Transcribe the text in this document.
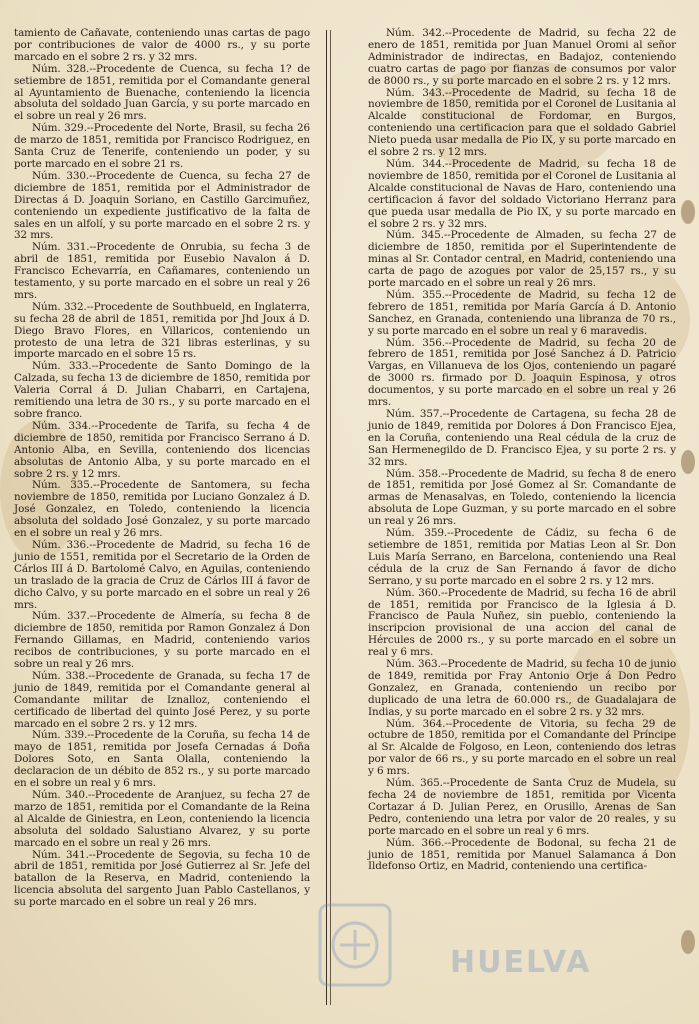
tamiento de Cañavate, conteniendo unas cartas de pago por contribuciones de valor de 4000 rs., y su porte marcado en el sobre 2 rs. y 32 mrs.

Núm. 328.--Procedente de Cuenca, su fecha 1? de setiembre de 1851, remitida por el Comandante general al Ayuntamiento de Buenache, conteniendo la licencia absoluta del soldado Juan García, y su porte marcado en el sobre un real y 26 mrs.

Núm. 329.--Procedente del Norte, Brasil, su fecha 26 de marzo de 1851, remitida por Francisco Rodriguez, en Santa Cruz de Tenerife, conteniendo un poder, y su porte marcado en el sobre 21 rs.

Núm. 330.--Procedente de Cuenca, su fecha 27 de diciembre de 1851, remitida por el Administrador de Directas á D. Joaquin Soriano, en Castillo Garcimuñez, conteniendo un expediente justificativo de la falta de sales en un alfolí, y su porte marcado en el sobre 2 rs. y 32 mrs.

Núm. 331.--Procedente de Onrubia, su fecha 3 de abril de 1851, remitida por Eusebio Navalon á D. Francisco Echevarría, en Cañamares, conteniendo un testamento, y su porte marcado en el sobre un real y 26 mrs.

Núm. 332.--Procedente de Southbueld, en Inglaterra, su fecha 28 de abril de 1851, remitida por Jhd Joux á D. Diego Bravo Flores, en Villaricos, conteniendo un protesto de una letra de 321 libras esterlinas, y su importe marcado en el sobre 15 rs.

Núm. 333.--Procedente de Santo Domingo de la Calzada, su fecha 13 de diciembre de 1850, remitida por Valeria Corral á D. Julian Chabarri, en Cartajena, remitiendo una letra de 30 rs., y su porte marcado en el sobre franco.

Núm. 334.--Procedente de Tarifa, su fecha 4 de diciembre de 1850, remitida por Francisco Serrano á D. Antonio Alba, en Sevilla, conteniendo dos licencias absolutas de Antonio Alba, y su porte marcado en el sobre 2 rs. y 12 mrs.

Núm. 335.--Procedente de Santomera, su fecha noviembre de 1850, remitida por Luciano Gonzalez á D. José Gonzalez, en Toledo, conteniendo la licencia absoluta del soldado José Gonzalez, y su porte marcado en el sobre un real y 26 mrs.

Núm. 336.--Procedente de Madrid, su fecha 16 de junio de 1551, remitida por el Secretario de la Orden de Cárlos III á D. Bartolomé Calvo, en Aguilas, conteniendo un traslado de la gracia de Cruz de Cárlos III á favor de dicho Calvo, y su porte marcado en el sobre un real y 26 mrs.

Núm. 337.--Procedente de Almería, su fecha 8 de diciembre de 1850, remitida por Ramon Gonzalez á Don Fernando Gillamas, en Madrid, conteniendo varios recibos de contribuciones, y su porte marcado en el sobre un real y 26 mrs.

Núm. 338.--Procedente de Granada, su fecha 17 de junio de 1849, remitida por el Comandante general al Comandante militar de Iznalloz, conteniendo el certificado de libertad del quinto José Perez, y su porte marcado en el sobre 2 rs. y 12 mrs.

Núm. 339.--Procedente de la Coruña, su fecha 14 de mayo de 1851, remitida por Josefa Cernadas á Doña Dolores Soto, en Santa Olalla, conteniendo la declaracion de un débito de 852 rs., y su porte marcado en el sobre un real y 6 mrs.

Núm. 340.--Procedente de Aranjuez, su fecha 27 de marzo de 1851, remitida por el Comandante de la Reina al Alcalde de Giniestra, en Leon, conteniendo la licencia absoluta del soldado Salustiano Alvarez, y su porte marcado en el sobre un real y 26 mrs.

Núm. 341.--Procedente de Segovia, su fecha 10 de abril de 1851, remitida por José Gutierrez al Sr. Jefe del batallon de la Reserva, en Madrid, conteniendo la licencia absoluta del sargento Juan Pablo Castellanos, y su porte marcado en el sobre un real y 26 mrs.

Núm. 342.--Procedente de Madrid, su fecha 22 de enero de 1851, remitida por Juan Manuel Oromi al señor Administrador de indirectas, en Badajoz, conteniendo cuatro cartas de pago por fianzas de consumos por valor de 8000 rs., y su porte marcado en el sobre 2 rs. y 12 mrs.

Núm. 343.--Procedente de Madrid, su fecha 18 de noviembre de 1850, remitida por el Coronel de Lusitania al Alcalde constitucional de Fordomar, en Burgos, conteniendo una certificacion para que el soldado Gabriel Nieto pueda usar medalla de Pio IX, y su porte marcado en el sobre 2 rs. y 12 mrs.

Núm. 344.--Procedente de Madrid, su fecha 18 de noviembre de 1850, remitida por el Coronel de Lusitania al Alcalde constitucional de Navas de Haro, conteniendo una certificacion á favor del soldado Victoriano Herranz para que pueda usar medalla de Pio IX, y su porte marcado en el sobre 2 rs. y 32 mrs.

Núm. 345.--Procedente de Almaden, su fecha 27 de diciembre de 1850, remitida por el Superintendente de minas al Sr. Contador central, en Madrid, conteniendo una carta de pago de azogues por valor de 25,157 rs., y su porte marcado en el sobre un real y 26 mrs.

Núm. 355.--Procedente de Madrid, su fecha 12 de febrero de 1851, remitida por María García á D. Antonio Sanchez, en Granada, conteniendo una libranza de 70 rs., y su porte marcado en el sobre un real y 6 maravedis.

Núm. 356.--Procedente de Madrid, su fecha 20 de febrero de 1851, remitida por José Sanchez á D. Patricio Vargas, en Villanueva de los Ojos, conteniendo un pagaré de 3000 rs. firmado por D. Joaquin Espinosa, y otros documentos, y su porte marcado en el sobre un real y 26 mrs.

Núm. 357.--Procedente de Cartagena, su fecha 28 de junio de 1849, remitida por Dolores á Don Francisco Ejea, en la Coruña, conteniendo una Real cédula de la cruz de San Hermenegildo de D. Francisco Ejea, y su porte 2 rs. y 32 mrs.

Núm. 358.--Procedente de Madrid, su fecha 8 de enero de 1851, remitida por José Gomez al Sr. Comandante de armas de Menasalvas, en Toledo, conteniendo la licencia absoluta de Lope Guzman, y su porte marcado en el sobre un real y 26 mrs.

Núm. 359.--Procedente de Cádiz, su fecha 6 de setiembre de 1851, remitida por Matias Leon al Sr. Don Luis María Serrano, en Barcelona, conteniendo una Real cédula de la cruz de San Fernando á favor de dicho Serrano, y su porte marcado en el sobre 2 rs. y 12 mrs.

Núm. 360.--Procedente de Madrid, su fecha 16 de abril de 1851, remitida por Francisco de la Iglesia á D. Francisco de Paula Nuñez, sin pueblo, conteniendo la inscripcion provisional de una accion del canal de Hércules de 2000 rs., y su porte marcado en el sobre un real y 6 mrs.

Núm. 363.--Procedente de Madrid, su fecha 10 de junio de 1849, remitida por Fray Antonio Orje á Don Pedro Gonzalez, en Granada, conteniendo un recibo por duplicado de una letra de 60.000 rs., de Guadalajara de Indias, y su porte marcado en el sobre 2 rs. y 32 mrs.

Núm. 364.--Procedente de Vitoria, su fecha 29 de octubre de 1850, remitida por el Comandante del Príncipe al Sr. Alcalde de Folgoso, en Leon, conteniendo dos letras por valor de 66 rs., y su porte marcado en el sobre un real y 6 mrs.

Núm. 365.--Procedente de Santa Cruz de Mudela, su fecha 24 de noviembre de 1851, remitida por Vicenta Cortazar á D. Julian Perez, en Orusillo, Arenas de San Pedro, conteniendo una letra por valor de 20 reales, y su porte marcado en el sobre un real y 6 mrs.

Núm. 366.--Procedente de Bodonal, su fecha 21 de junio de 1851, remitida por Manuel Salamanca á Don Ildefonso Ortiz, en Madrid, conteniendo una certifica-

HUELVA
